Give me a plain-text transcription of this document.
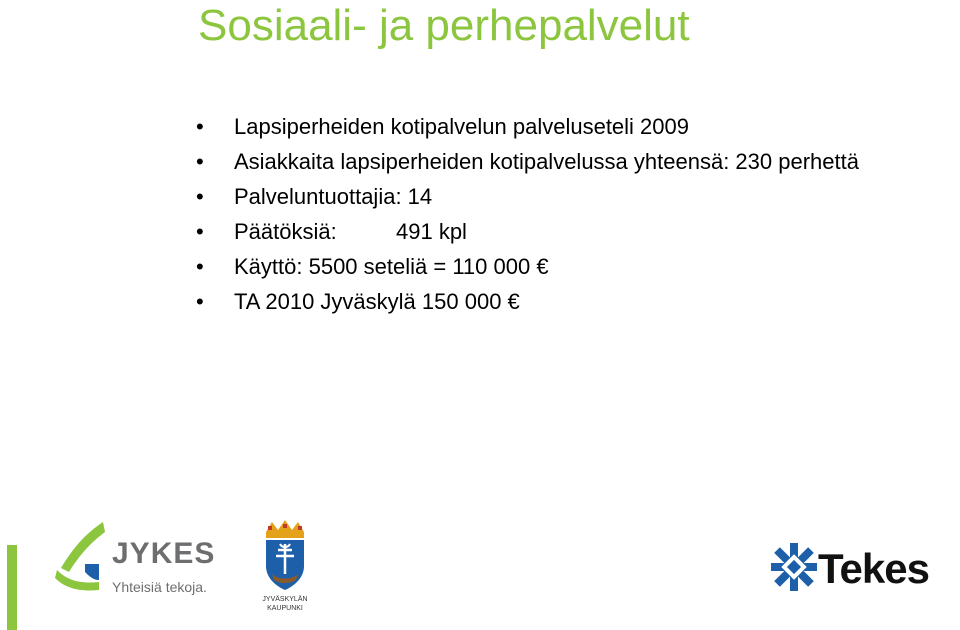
Sosiaali- ja perhepalvelut
• Lapsiperheiden kotipalvelun palveluseteli 2009
• Asiakkaita lapsiperheiden kotipalvelussa yhteensä: 230 perhettä
• Palveluntuottajia: 14
• Päätöksiä:	491 kpl
• Käyttö: 5500 seteliä = 110 000 €
• TA 2010 Jyväskylä 150 000 €
JYKES
Yhteisiä tekoja.
JYVÄSKYLÄN
KAUPUNKI
Tekes
